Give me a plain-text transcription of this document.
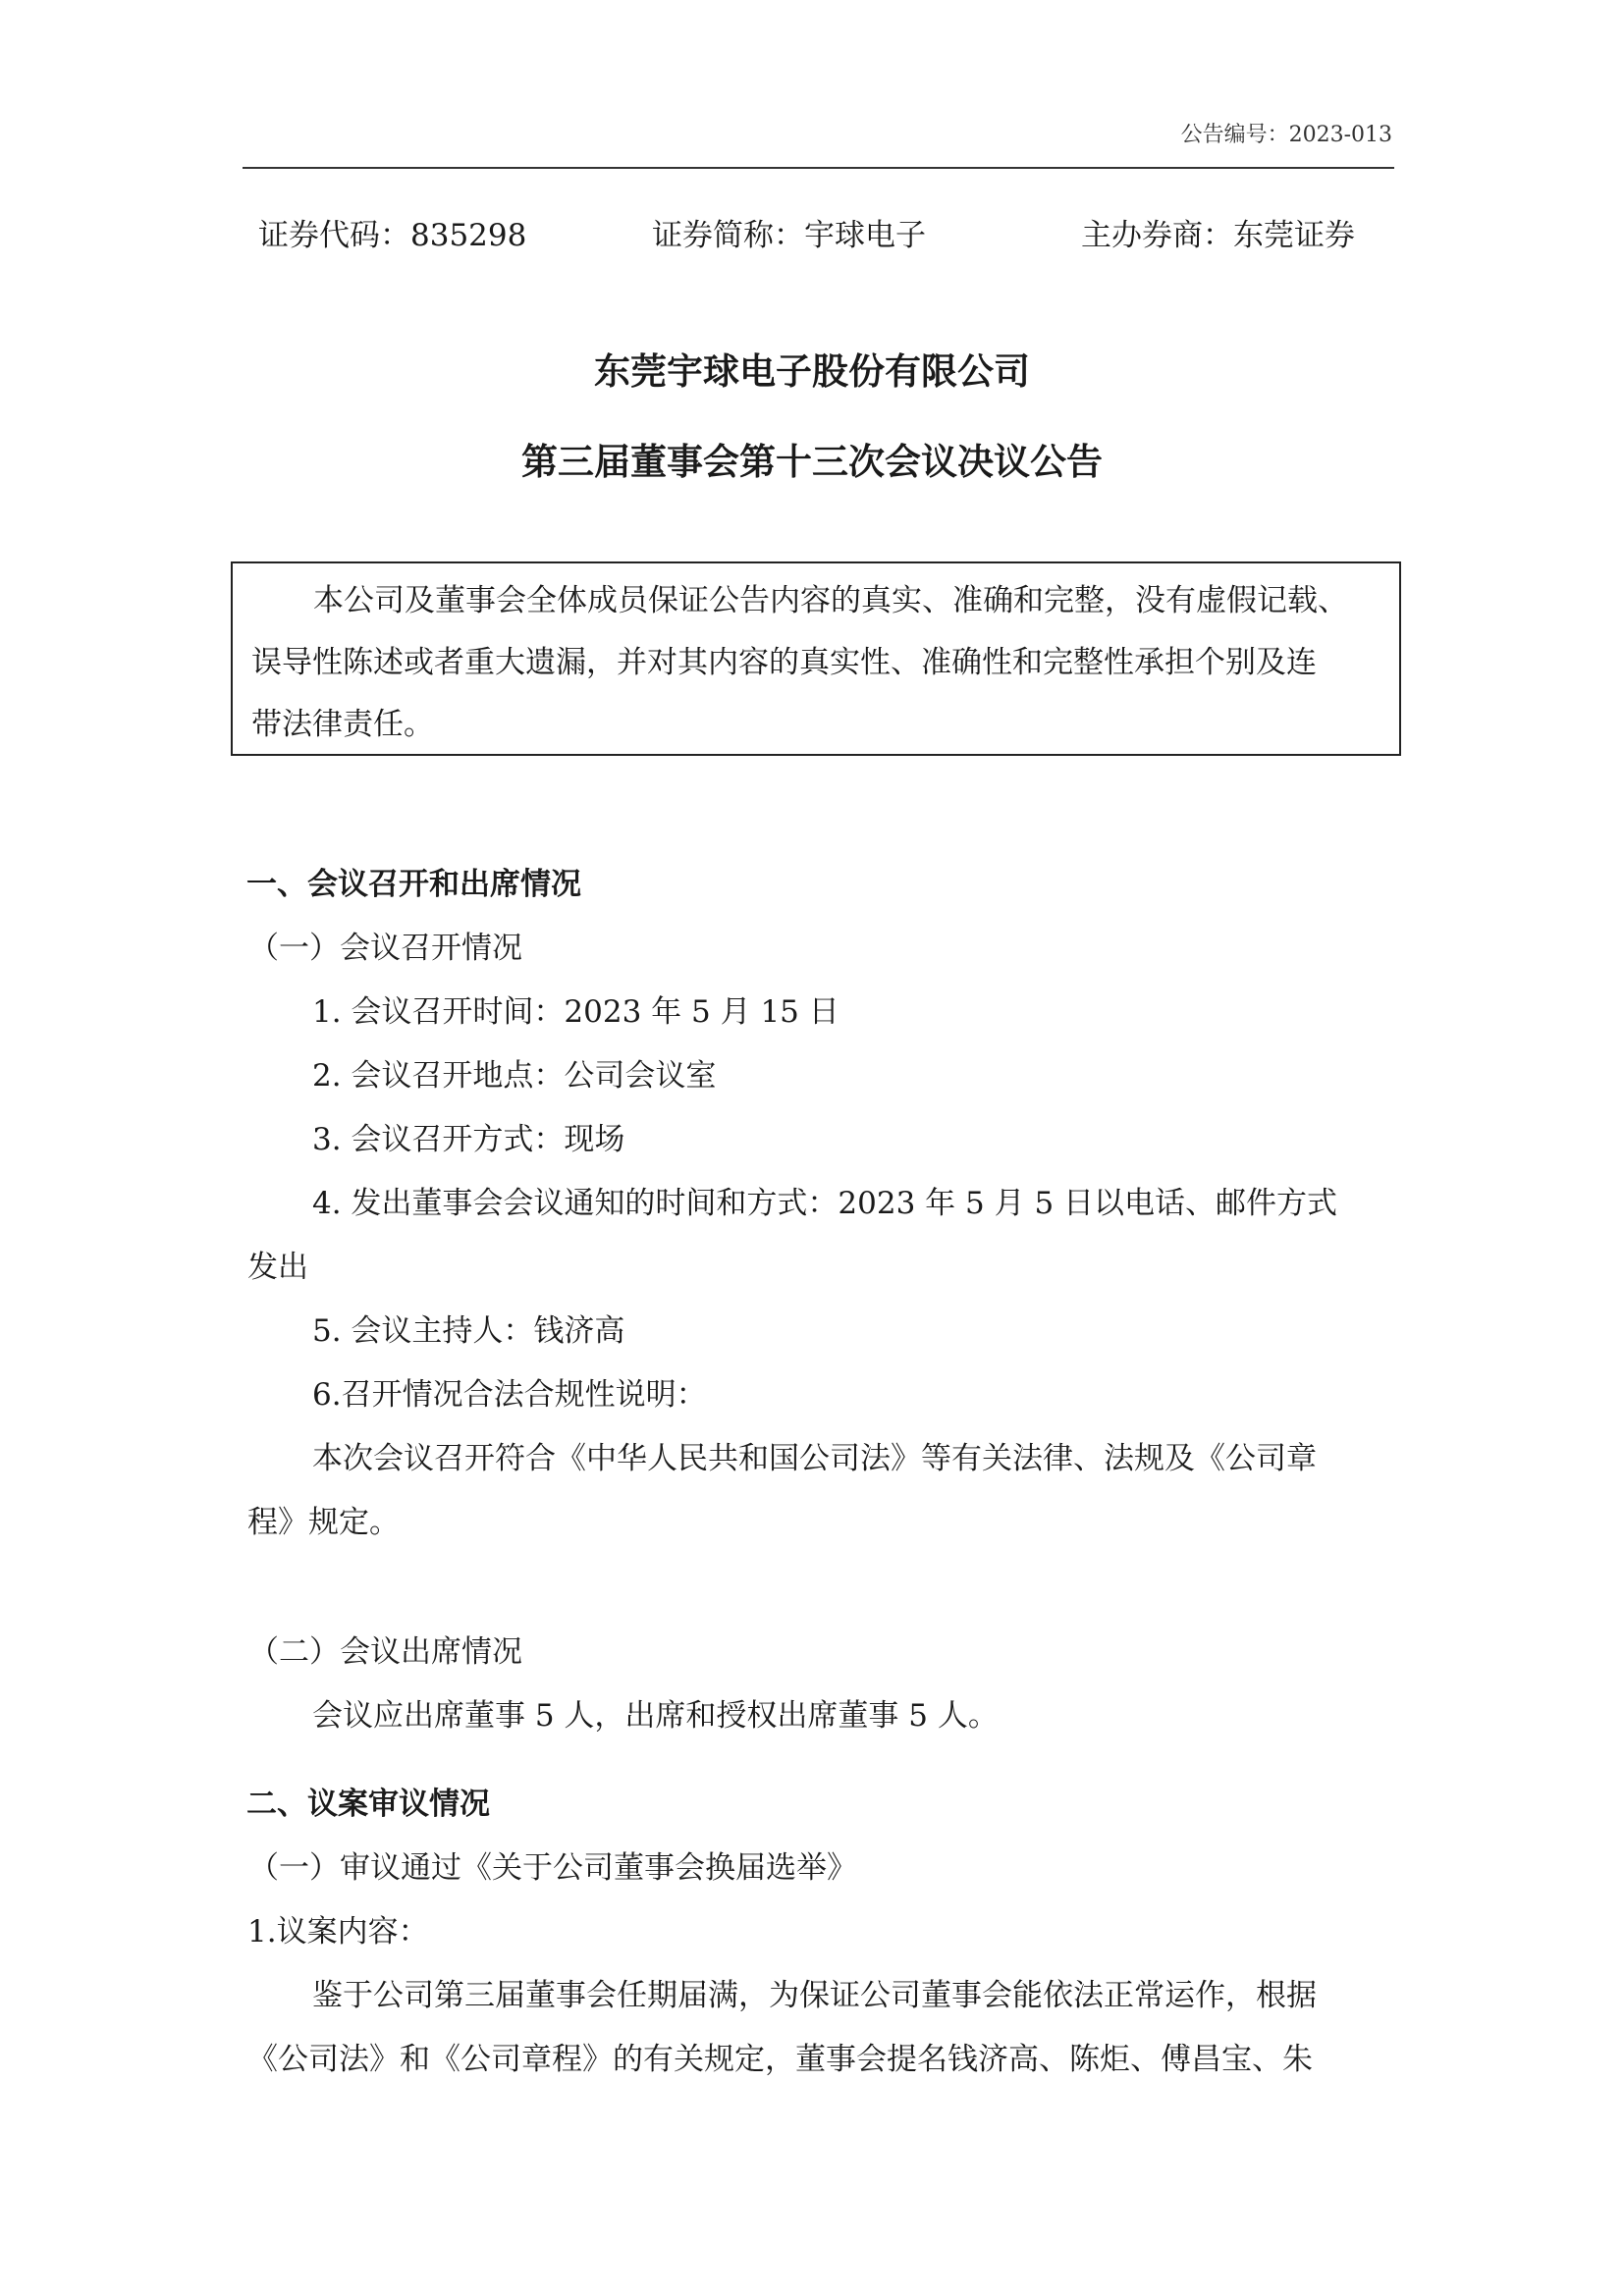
公告编号：2023-013
证券代码：835298	证券简称：宇球电子	主办券商：东莞证券
东莞宇球电子股份有限公司
第三届董事会第十三次会议决议公告
本公司及董事会全体成员保证公告内容的真实、准确和完整，没有虚假记载、
误导性陈述或者重大遗漏，并对其内容的真实性、准确性和完整性承担个别及连
带法律责任。
一、会议召开和出席情况
（一）会议召开情况
1. 会议召开时间：2023 年 5 月 15 日
2. 会议召开地点：公司会议室
3. 会议召开方式：现场
4. 发出董事会会议通知的时间和方式：2023 年 5 月 5 日以电话、邮件方式
发出
5. 会议主持人：钱济高
6.召开情况合法合规性说明：
本次会议召开符合《中华人民共和国公司法》等有关法律、法规及《公司章
程》规定。
（二）会议出席情况
会议应出席董事 5 人，出席和授权出席董事 5 人。
二、议案审议情况
（一）审议通过《关于公司董事会换届选举》
1.议案内容：
鉴于公司第三届董事会任期届满，为保证公司董事会能依法正常运作，根据
《公司法》和《公司章程》的有关规定，董事会提名钱济高、陈炬、傅昌宝、朱
